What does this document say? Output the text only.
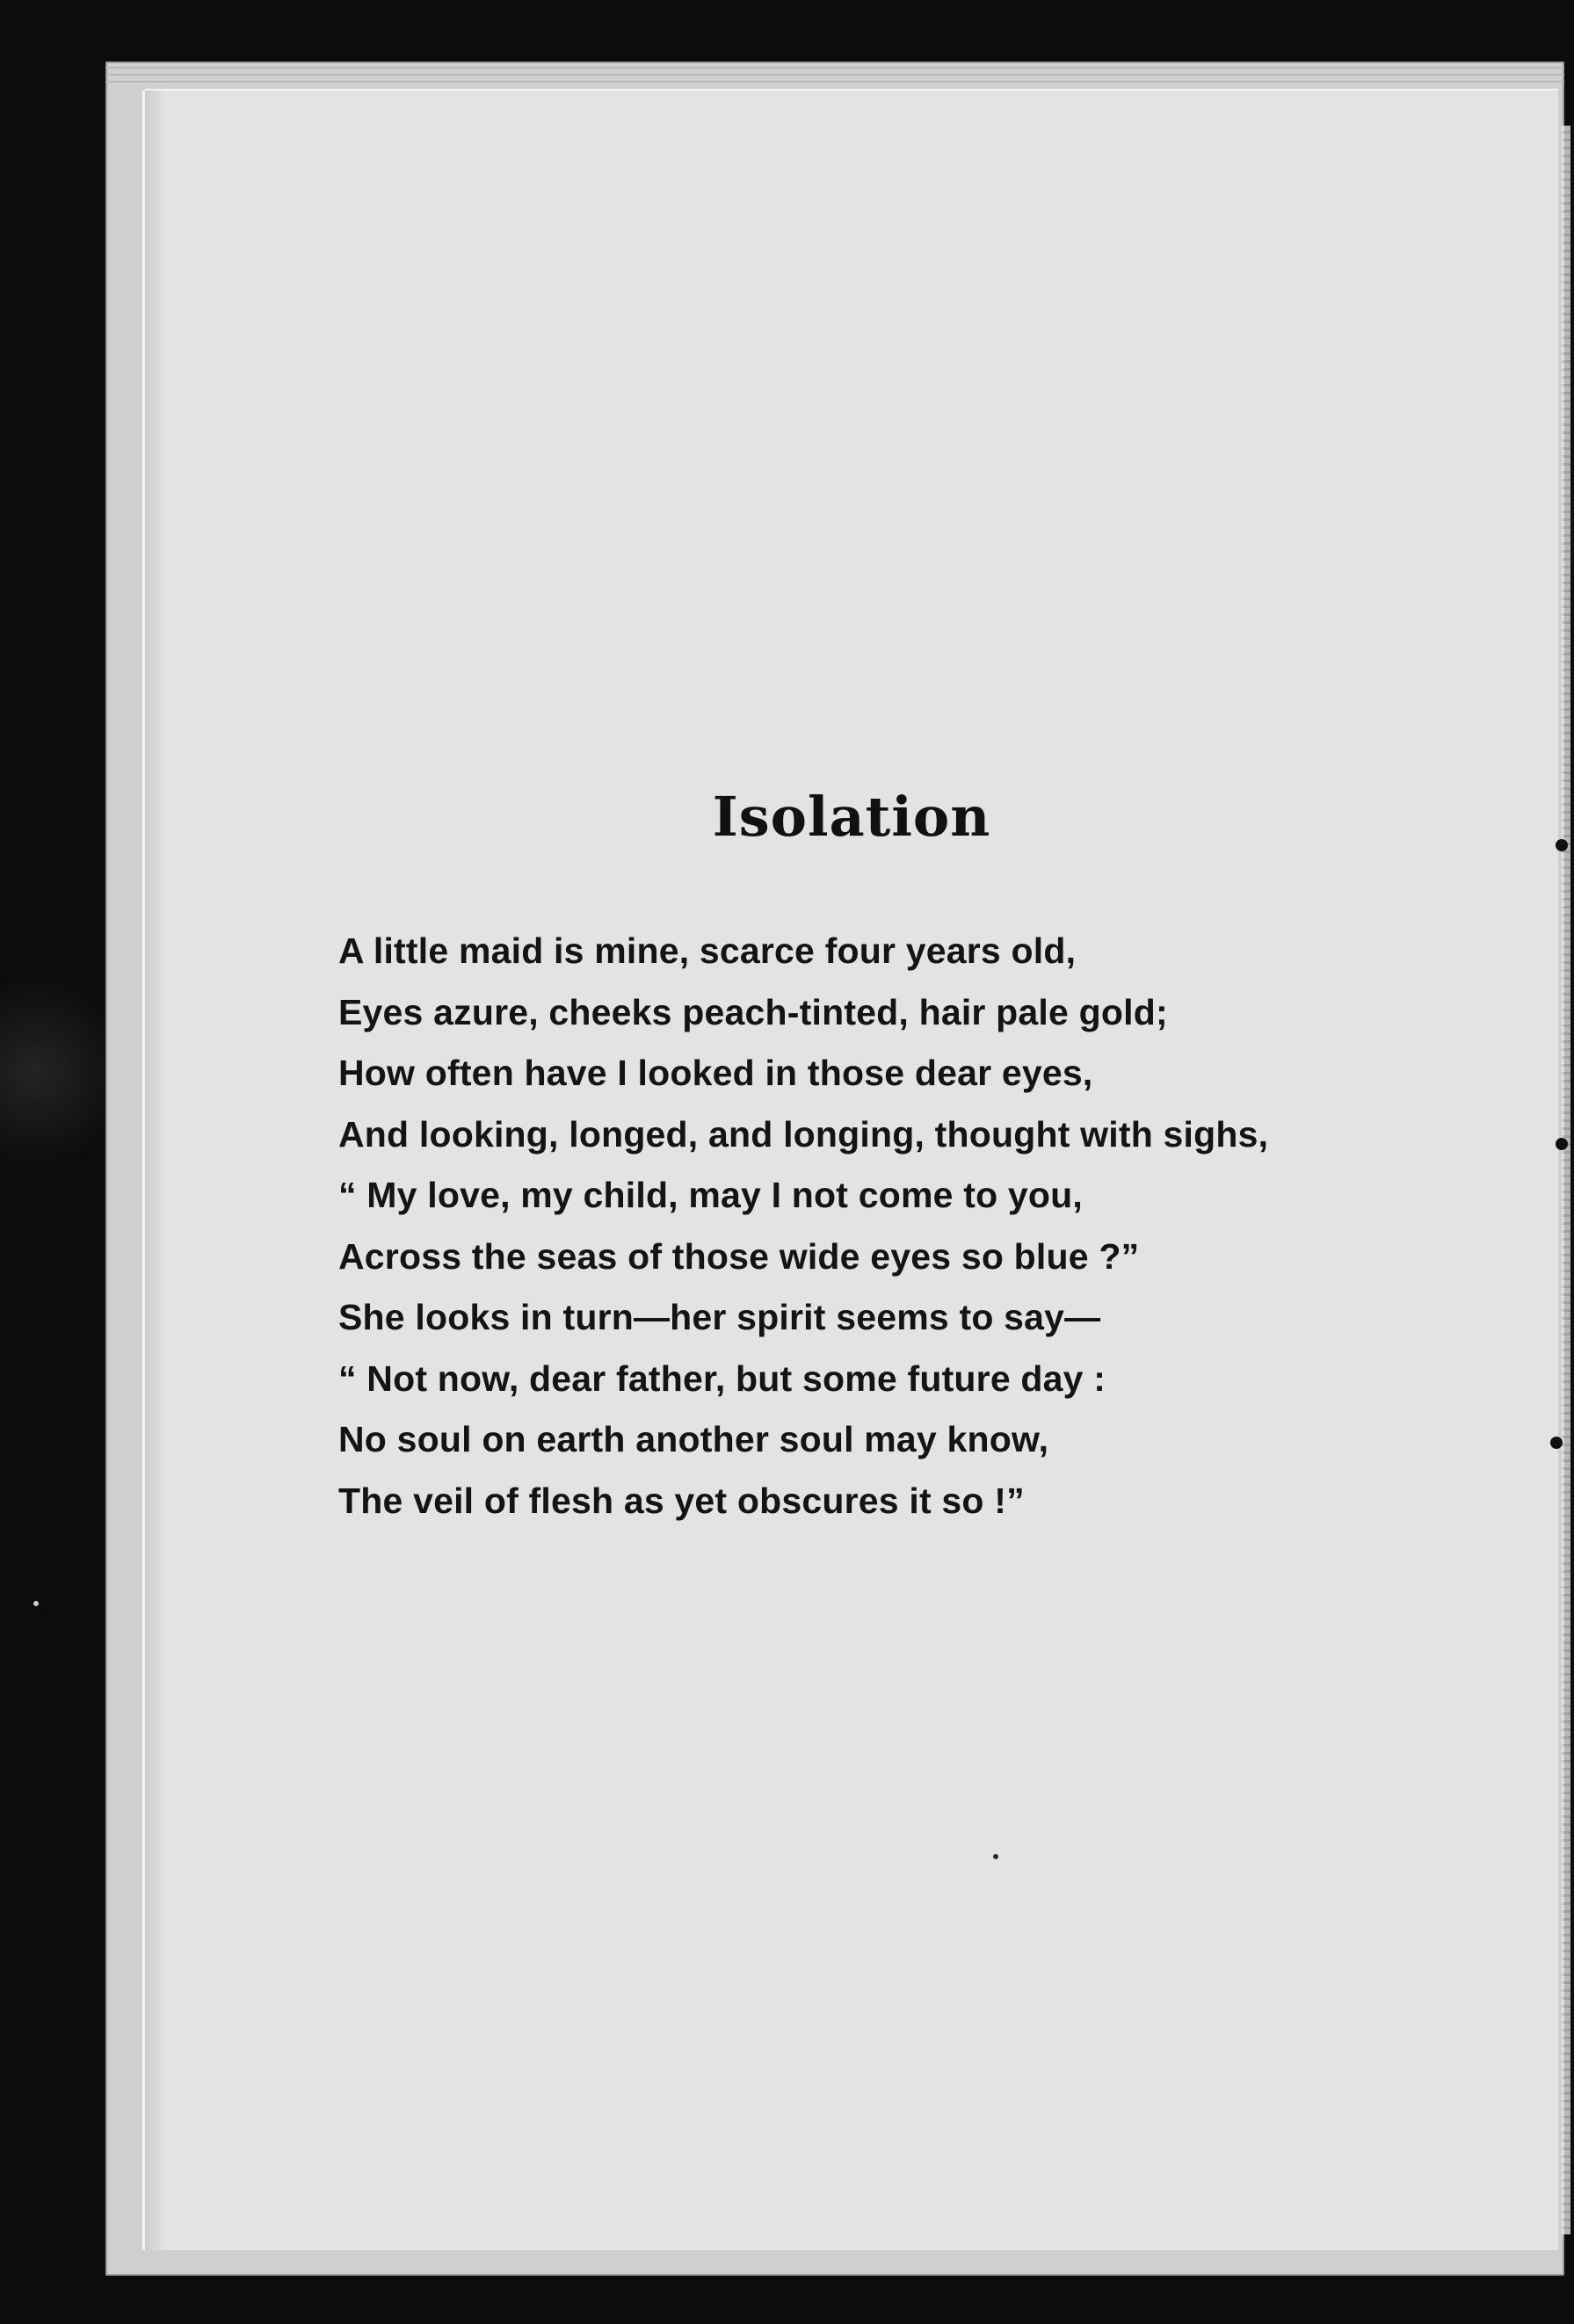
Isolation
A little maid is mine, scarce four years old,
Eyes azure, cheeks peach-tinted, hair pale gold;
How often have I looked in those dear eyes,
And looking, longed, and longing, thought with sighs,
“ My love, my child, may I not come to you,
Across the seas of those wide eyes so blue ?”
She looks in turn—her spirit seems to say—
“ Not now, dear father, but some future day :
No soul on earth another soul may know,
The veil of flesh as yet obscures it so !”
